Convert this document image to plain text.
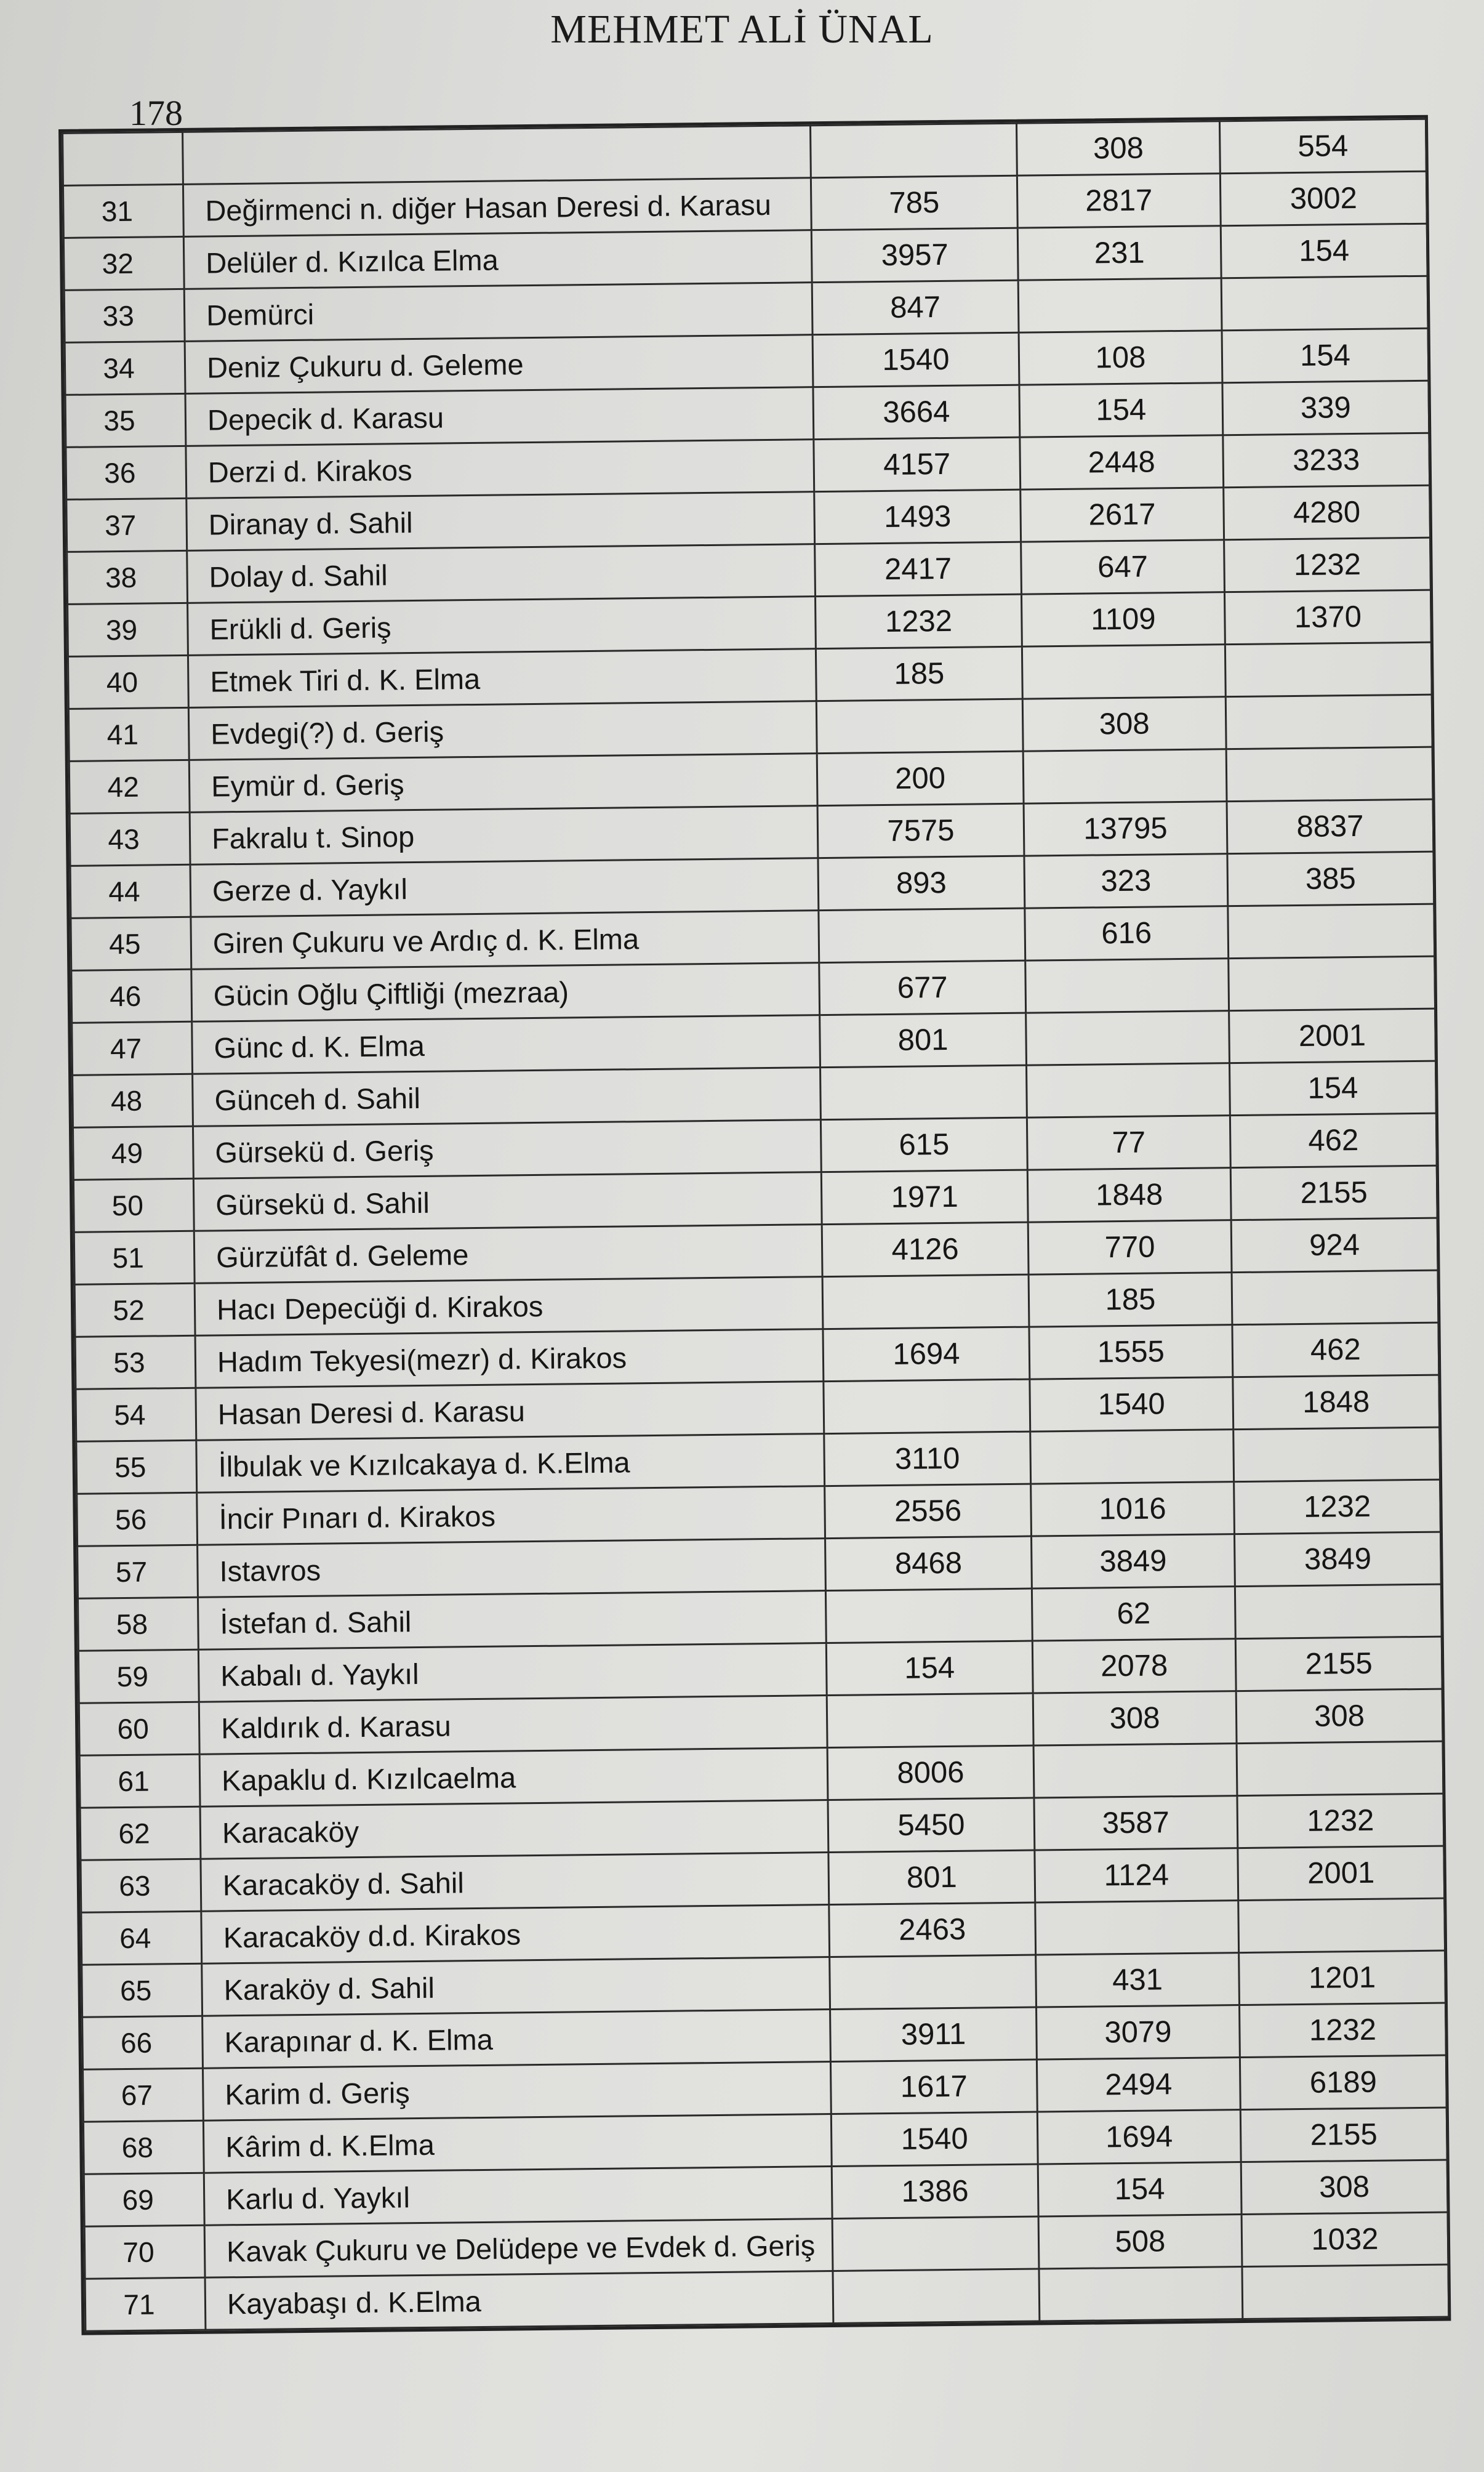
MEHMET ALİ ÜNAL
178
			308	554
31	Değirmenci n. diğer Hasan Deresi d. Karasu	785	2817	3002
32	Delüler d. Kızılca Elma	3957	231	154
33	Demürci	847		
34	Deniz Çukuru d. Geleme	1540	108	154
35	Depecik d. Karasu	3664	154	339
36	Derzi d. Kirakos	4157	2448	3233
37	Diranay d. Sahil	1493	2617	4280
38	Dolay d. Sahil	2417	647	1232
39	Erükli d. Geriş	1232	1109	1370
40	Etmek Tiri d. K. Elma	185		
41	Evdegi(?) d. Geriş		308	
42	Eymür d. Geriş	200		
43	Fakralu t. Sinop	7575	13795	8837
44	Gerze d. Yaykıl	893	323	385
45	Giren Çukuru ve Ardıç d. K. Elma		616	
46	Gücin Oğlu Çiftliği (mezraa)	677		
47	Günc d. K. Elma	801		2001
48	Günceh d. Sahil			154
49	Gürsekü d. Geriş	615	77	462
50	Gürsekü d. Sahil	1971	1848	2155
51	Gürzüfât d. Geleme	4126	770	924
52	Hacı Depecüği d. Kirakos		185	
53	Hadım Tekyesi(mezr) d. Kirakos	1694	1555	462
54	Hasan Deresi d. Karasu		1540	1848
55	İlbulak ve Kızılcakaya d. K.Elma	3110		
56	İncir Pınarı d. Kirakos	2556	1016	1232
57	Istavros	8468	3849	3849
58	İstefan d. Sahil		62	
59	Kabalı d. Yaykıl	154	2078	2155
60	Kaldırık d. Karasu		308	308
61	Kapaklu d. Kızılcaelma	8006		
62	Karacaköy	5450	3587	1232
63	Karacaköy d. Sahil	801	1124	2001
64	Karacaköy d.d. Kirakos	2463		
65	Karaköy d. Sahil		431	1201
66	Karapınar d. K. Elma	3911	3079	1232
67	Karim d. Geriş	1617	2494	6189
68	Kârim d. K.Elma	1540	1694	2155
69	Karlu d. Yaykıl	1386	154	308
70	Kavak Çukuru ve Delüdepe ve Evdek d. Geriş		508	1032
71	Kayabaşı d. K.Elma			
